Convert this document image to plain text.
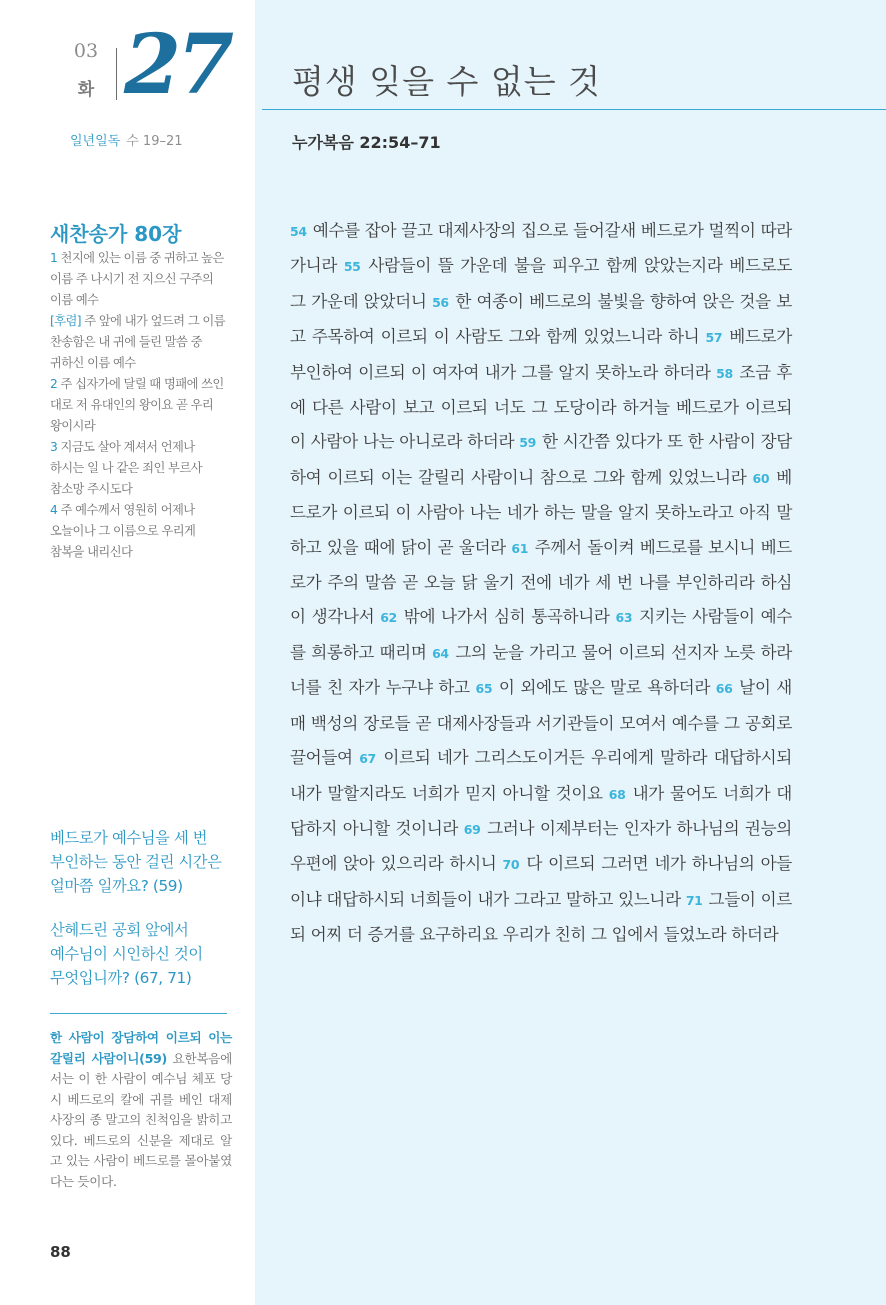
03
화 27
일년일독 수 19–21
새찬송가 80장
1 천지에 있는 이름 중 귀하고 높은 이름 주 나시기 전 지으신 구주의 이름 예수
[후렴] 주 앞에 내가 엎드려 그 이름 찬송함은 내 귀에 들린 말씀 중 귀하신 이름 예수
2 주 십자가에 달릴 때 명패에 쓰인 대로 저 유대인의 왕이요 곧 우리 왕이시라
3 지금도 살아 계셔서 언제나 하시는 일 나 같은 죄인 부르사 참소망 주시도다
4 주 예수께서 영원히 어제나 오늘이나 그 이름으로 우리게 참복을 내리신다
베드로가 예수님을 세 번 부인하는 동안 걸린 시간은 얼마쯤 일까요? (59)
산헤드린 공회 앞에서 예수님이 시인하신 것이 무엇입니까? (67, 71)
한 사람이 장담하여 이르되 이는 갈릴리 사람이니(59) 요한복음에서는 이 한 사람이 예수님 체포 당시 베드로의 칼에 귀를 베인 대제사장의 종 말고의 친척임을 밝히고 있다. 베드로의 신분을 제대로 알고 있는 사람이 베드로를 몰아붙였다는 듯이다.
88
평생 잊을 수 없는 것
누가복음 22:54–71
54 예수를 잡아 끌고 대제사장의 집으로 들어갈새 베드로가 멀찍이 따라가니라 55 사람들이 뜰 가운데 불을 피우고 함께 앉았는지라 베드로도 그 가운데 앉았더니 56 한 여종이 베드로의 불빛을 향하여 앉은 것을 보고 주목하여 이르되 이 사람도 그와 함께 있었느니라 하니 57 베드로가 부인하여 이르되 이 여자여 내가 그를 알지 못하노라 하더라 58 조금 후에 다른 사람이 보고 이르되 너도 그 도당이라 하거늘 베드로가 이르되 이 사람아 나는 아니로라 하더라 59 한 시간쯤 있다가 또 한 사람이 장담하여 이르되 이는 갈릴리 사람이니 참으로 그와 함께 있었느니라 60 베드로가 이르되 이 사람아 나는 네가 하는 말을 알지 못하노라고 아직 말하고 있을 때에 닭이 곧 울더라 61 주께서 돌이켜 베드로를 보시니 베드로가 주의 말씀 곧 오늘 닭 울기 전에 네가 세 번 나를 부인하리라 하심이 생각나서 62 밖에 나가서 심히 통곡하니라 63 지키는 사람들이 예수를 희롱하고 때리며 64 그의 눈을 가리고 물어 이르되 선지자 노릇 하라 너를 친 자가 누구냐 하고 65 이 외에도 많은 말로 욕하더라 66 날이 새매 백성의 장로들 곧 대제사장들과 서기관들이 모여서 예수를 그 공회로 끌어들여 67 이르되 네가 그리스도이거든 우리에게 말하라 대답하시되 내가 말할지라도 너희가 믿지 아니할 것이요 68 내가 물어도 너희가 대답하지 아니할 것이니라 69 그러나 이제부터는 인자가 하나님의 권능의 우편에 앉아 있으리라 하시니 70 다 이르되 그러면 네가 하나님의 아들이냐 대답하시되 너희들이 내가 그라고 말하고 있느니라 71 그들이 이르되 어찌 더 증거를 요구하리요 우리가 친히 그 입에서 들었노라 하더라
